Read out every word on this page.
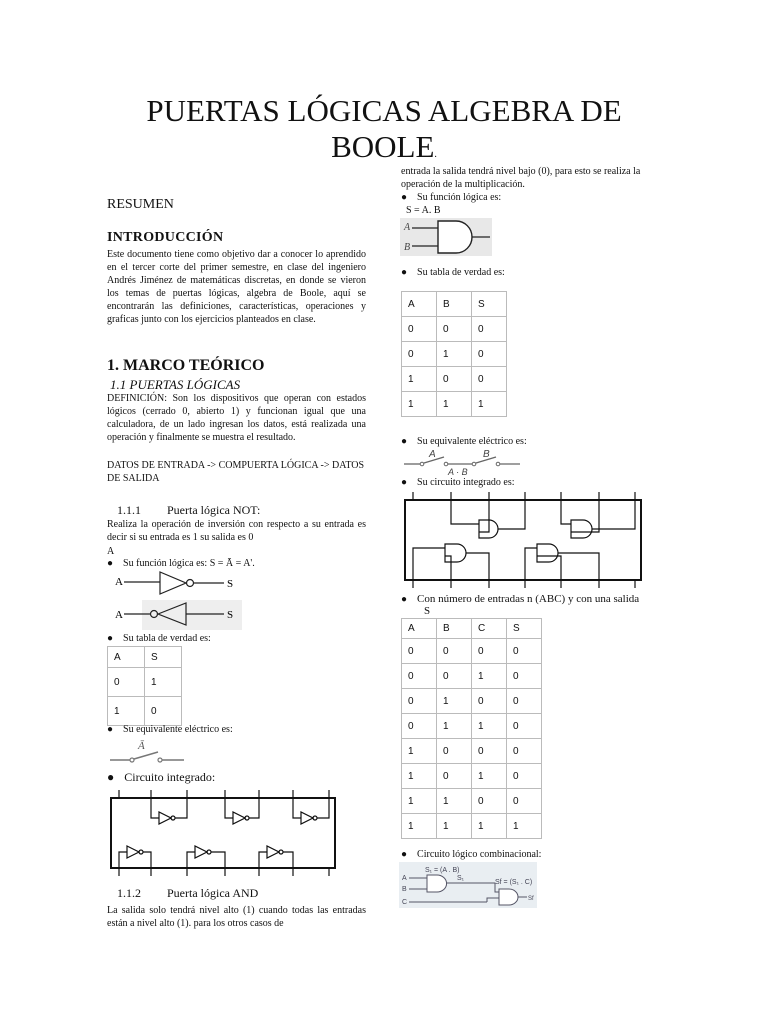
PUERTAS LÓGICAS ALGEBRA DE
BOOLE.
RESUMEN
INTRODUCCIÓN
Este documento tiene como objetivo dar a conocer lo aprendido en el tercer corte del primer semestre, en clase del ingeniero Andrés Jiménez de matemáticas discretas, en donde se vieron los temas de puertas lógicas, algebra de Boole, aquí se encontrarán las definiciones, características, operaciones y graficas junto con los ejercicios planteados en clase.
1. MARCO TEÓRICO
1.1 PUERTAS LÓGICAS
DEFINICIÓN: Son los dispositivos que operan con estados lógicos (cerrado 0, abierto 1) y funcionan igual que una calculadora, de un lado ingresan los datos, está realizada una operación y finalmente se muestra el resultado.
DATOS DE ENTRADA -> COMPUERTA LÓGICA -> DATOS DE SALIDA
1.1.1 Puerta lógica NOT:
Realiza la operación de inversión con respecto a su entrada es decir si su entrada es 1 su salida es 0
A
● Su función lógica es: S = Ā = A'.
A	S
A	S
● Su tabla de verdad es:
A	S
0	1
1	0
● Su equivalente eléctrico es:
Ā
● Circuito integrado:
1.1.2 Puerta lógica AND
La salida solo tendrá nivel alto (1) cuando todas las entradas están a nivel alto (1). para los otros casos de
entrada la salida tendrá nivel bajo (0), para esto se realiza la operación de la multiplicación.
● Su función lógica es:
S = A. B
A
B
● Su tabla de verdad es:
A	B	S
0	0	0
0	1	0
1	0	0
1	1	1
● Su equivalente eléctrico es:
A	B
A · B
● Su circuito integrado es:
● Con número de entradas n (ABC) y con una salida
S
A	B	C	S
0	0	0	0
0	0	1	0
0	1	0	0
0	1	1	0
1	0	0	0
1	0	1	0
1	1	0	0
1	1	1	1
● Circuito lógico combinacional:
S₁ = (A . B)
Sf = (S₁ . C)
A
B
C
S₁
Sf
